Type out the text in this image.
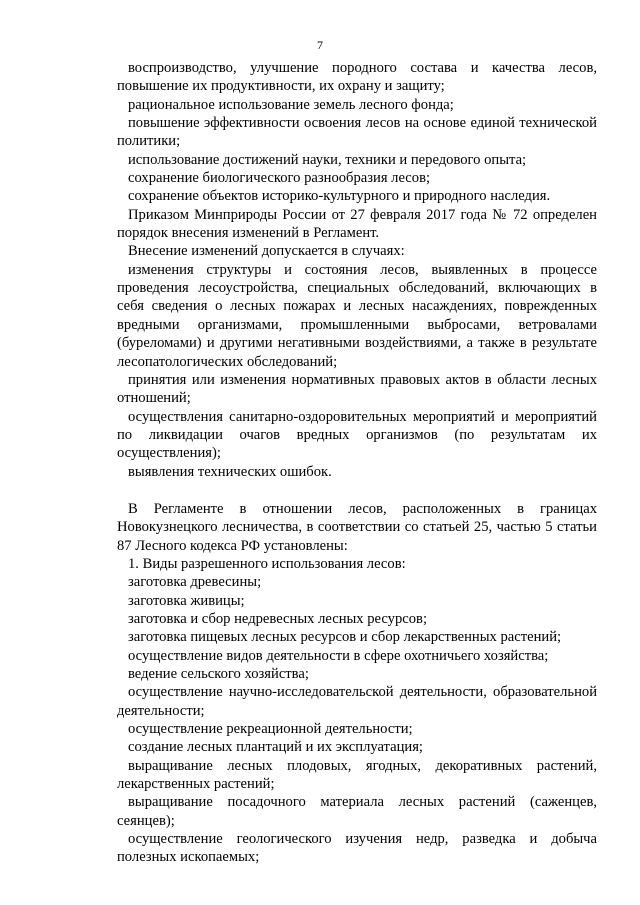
7

воспроизводство, улучшение породного состава и качества лесов, повышение их продуктивности, их охрану и защиту;

рациональное использование земель лесного фонда;

повышение эффективности освоения лесов на основе единой технической политики;

использование достижений науки, техники и передового опыта;

сохранение биологического разнообразия лесов;

сохранение объектов историко-культурного и природного наследия.

Приказом Минприроды России от 27 февраля 2017 года № 72 определен порядок внесения изменений в Регламент.

Внесение изменений допускается в случаях:

изменения структуры и состояния лесов, выявленных в процессе проведения лесоустройства, специальных обследований, включающих в себя сведения о лесных пожарах и лесных насаждениях, поврежденных вредными организмами, промышленными выбросами, ветровалами (буреломами) и другими негативными воздействиями, а также в результате лесопатологических обследований;

принятия или изменения нормативных правовых актов в области лесных отношений;

осуществления санитарно-оздоровительных мероприятий и мероприятий по ликвидации очагов вредных организмов (по результатам их осуществления);

выявления технических ошибок.

В Регламенте в отношении лесов, расположенных в границах Новокузнецкого лесничества, в соответствии со статьей 25, частью 5 статьи 87 Лесного кодекса РФ установлены:

1. Виды разрешенного использования лесов:

заготовка древесины;

заготовка живицы;

заготовка и сбор недревесных лесных ресурсов;

заготовка пищевых лесных ресурсов и сбор лекарственных растений;

осуществление видов деятельности в сфере охотничьего хозяйства;

ведение сельского хозяйства;

осуществление научно-исследовательской деятельности, образовательной деятельности;

осуществление рекреационной деятельности;

создание лесных плантаций и их эксплуатация;

выращивание лесных плодовых, ягодных, декоративных растений, лекарственных растений;

выращивание посадочного материала лесных растений (саженцев, сеянцев);

осуществление геологического изучения недр, разведка и добыча полезных ископаемых;
